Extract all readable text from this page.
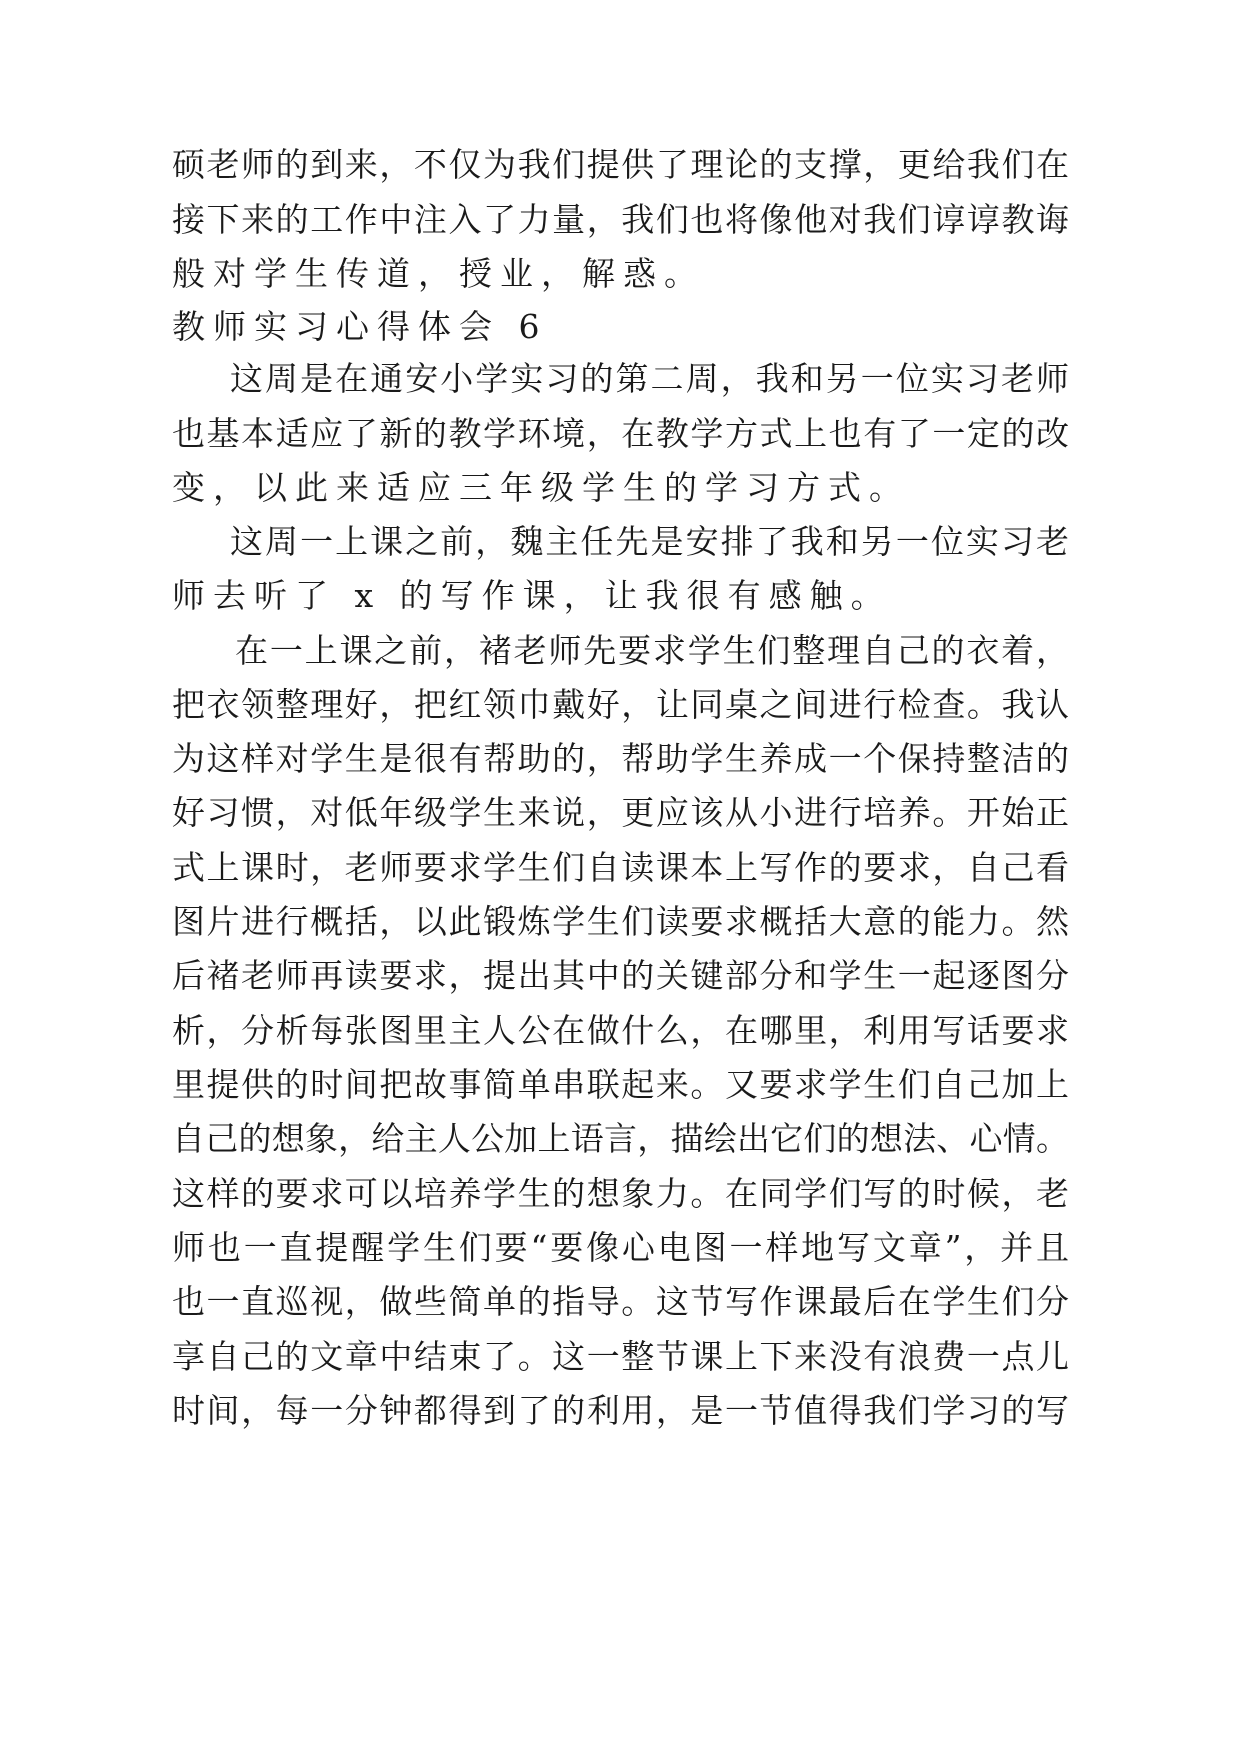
硕老师的到来，不仅为我们提供了理论的支撑，更给我们在
接下来的工作中注入了力量，我们也将像他对我们谆谆教诲
般对学生传道，授业，解惑。
教师实习心得体会 6
这周是在通安小学实习的第二周，我和另一位实习老师
也基本适应了新的教学环境，在教学方式上也有了一定的改
变，以此来适应三年级学生的学习方式。
这周一上课之前，魏主任先是安排了我和另一位实习老
师去听了 x 的写作课，让我很有感触。
在一上课之前，褚老师先要求学生们整理自己的衣着，
把衣领整理好，把红领巾戴好，让同桌之间进行检查。我认
为这样对学生是很有帮助的，帮助学生养成一个保持整洁的
好习惯，对低年级学生来说，更应该从小进行培养。开始正
式上课时，老师要求学生们自读课本上写作的要求，自己看
图片进行概括，以此锻炼学生们读要求概括大意的能力。然
后褚老师再读要求，提出其中的关键部分和学生一起逐图分
析，分析每张图里主人公在做什么，在哪里，利用写话要求
里提供的时间把故事简单串联起来。又要求学生们自己加上
自己的想象，给主人公加上语言，描绘出它们的想法、心情。
这样的要求可以培养学生的想象力。在同学们写的时候，老
师也一直提醒学生们要“要像心电图一样地写文章”，并且
也一直巡视，做些简单的指导。这节写作课最后在学生们分
享自己的文章中结束了。这一整节课上下来没有浪费一点儿
时间，每一分钟都得到了的利用，是一节值得我们学习的写
